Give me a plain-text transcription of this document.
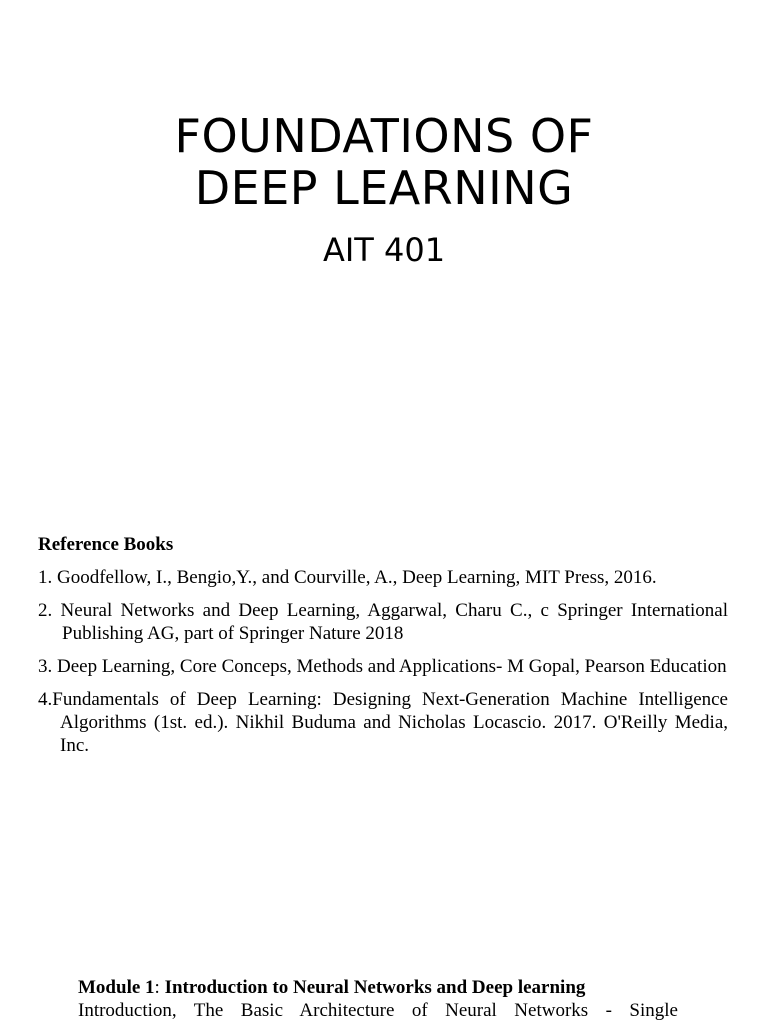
FOUNDATIONS OF
DEEP LEARNING
AIT 401
Reference Books
1. Goodfellow, I., Bengio,Y., and Courville, A., Deep Learning, MIT Press, 2016.
2. Neural Networks and Deep Learning, Aggarwal, Charu C., c Springer International Publishing AG, part of Springer Nature 2018
3. Deep Learning, Core Conceps, Methods and Applications- M Gopal, Pearson Education
4.Fundamentals of Deep Learning: Designing Next-Generation Machine Intelligence Algorithms (1st. ed.). Nikhil Buduma and Nicholas Locascio. 2017. O'Reilly Media, Inc.
Module 1: Introduction to Neural Networks and Deep learning
Introduction, The Basic Architecture of Neural Networks - Single
